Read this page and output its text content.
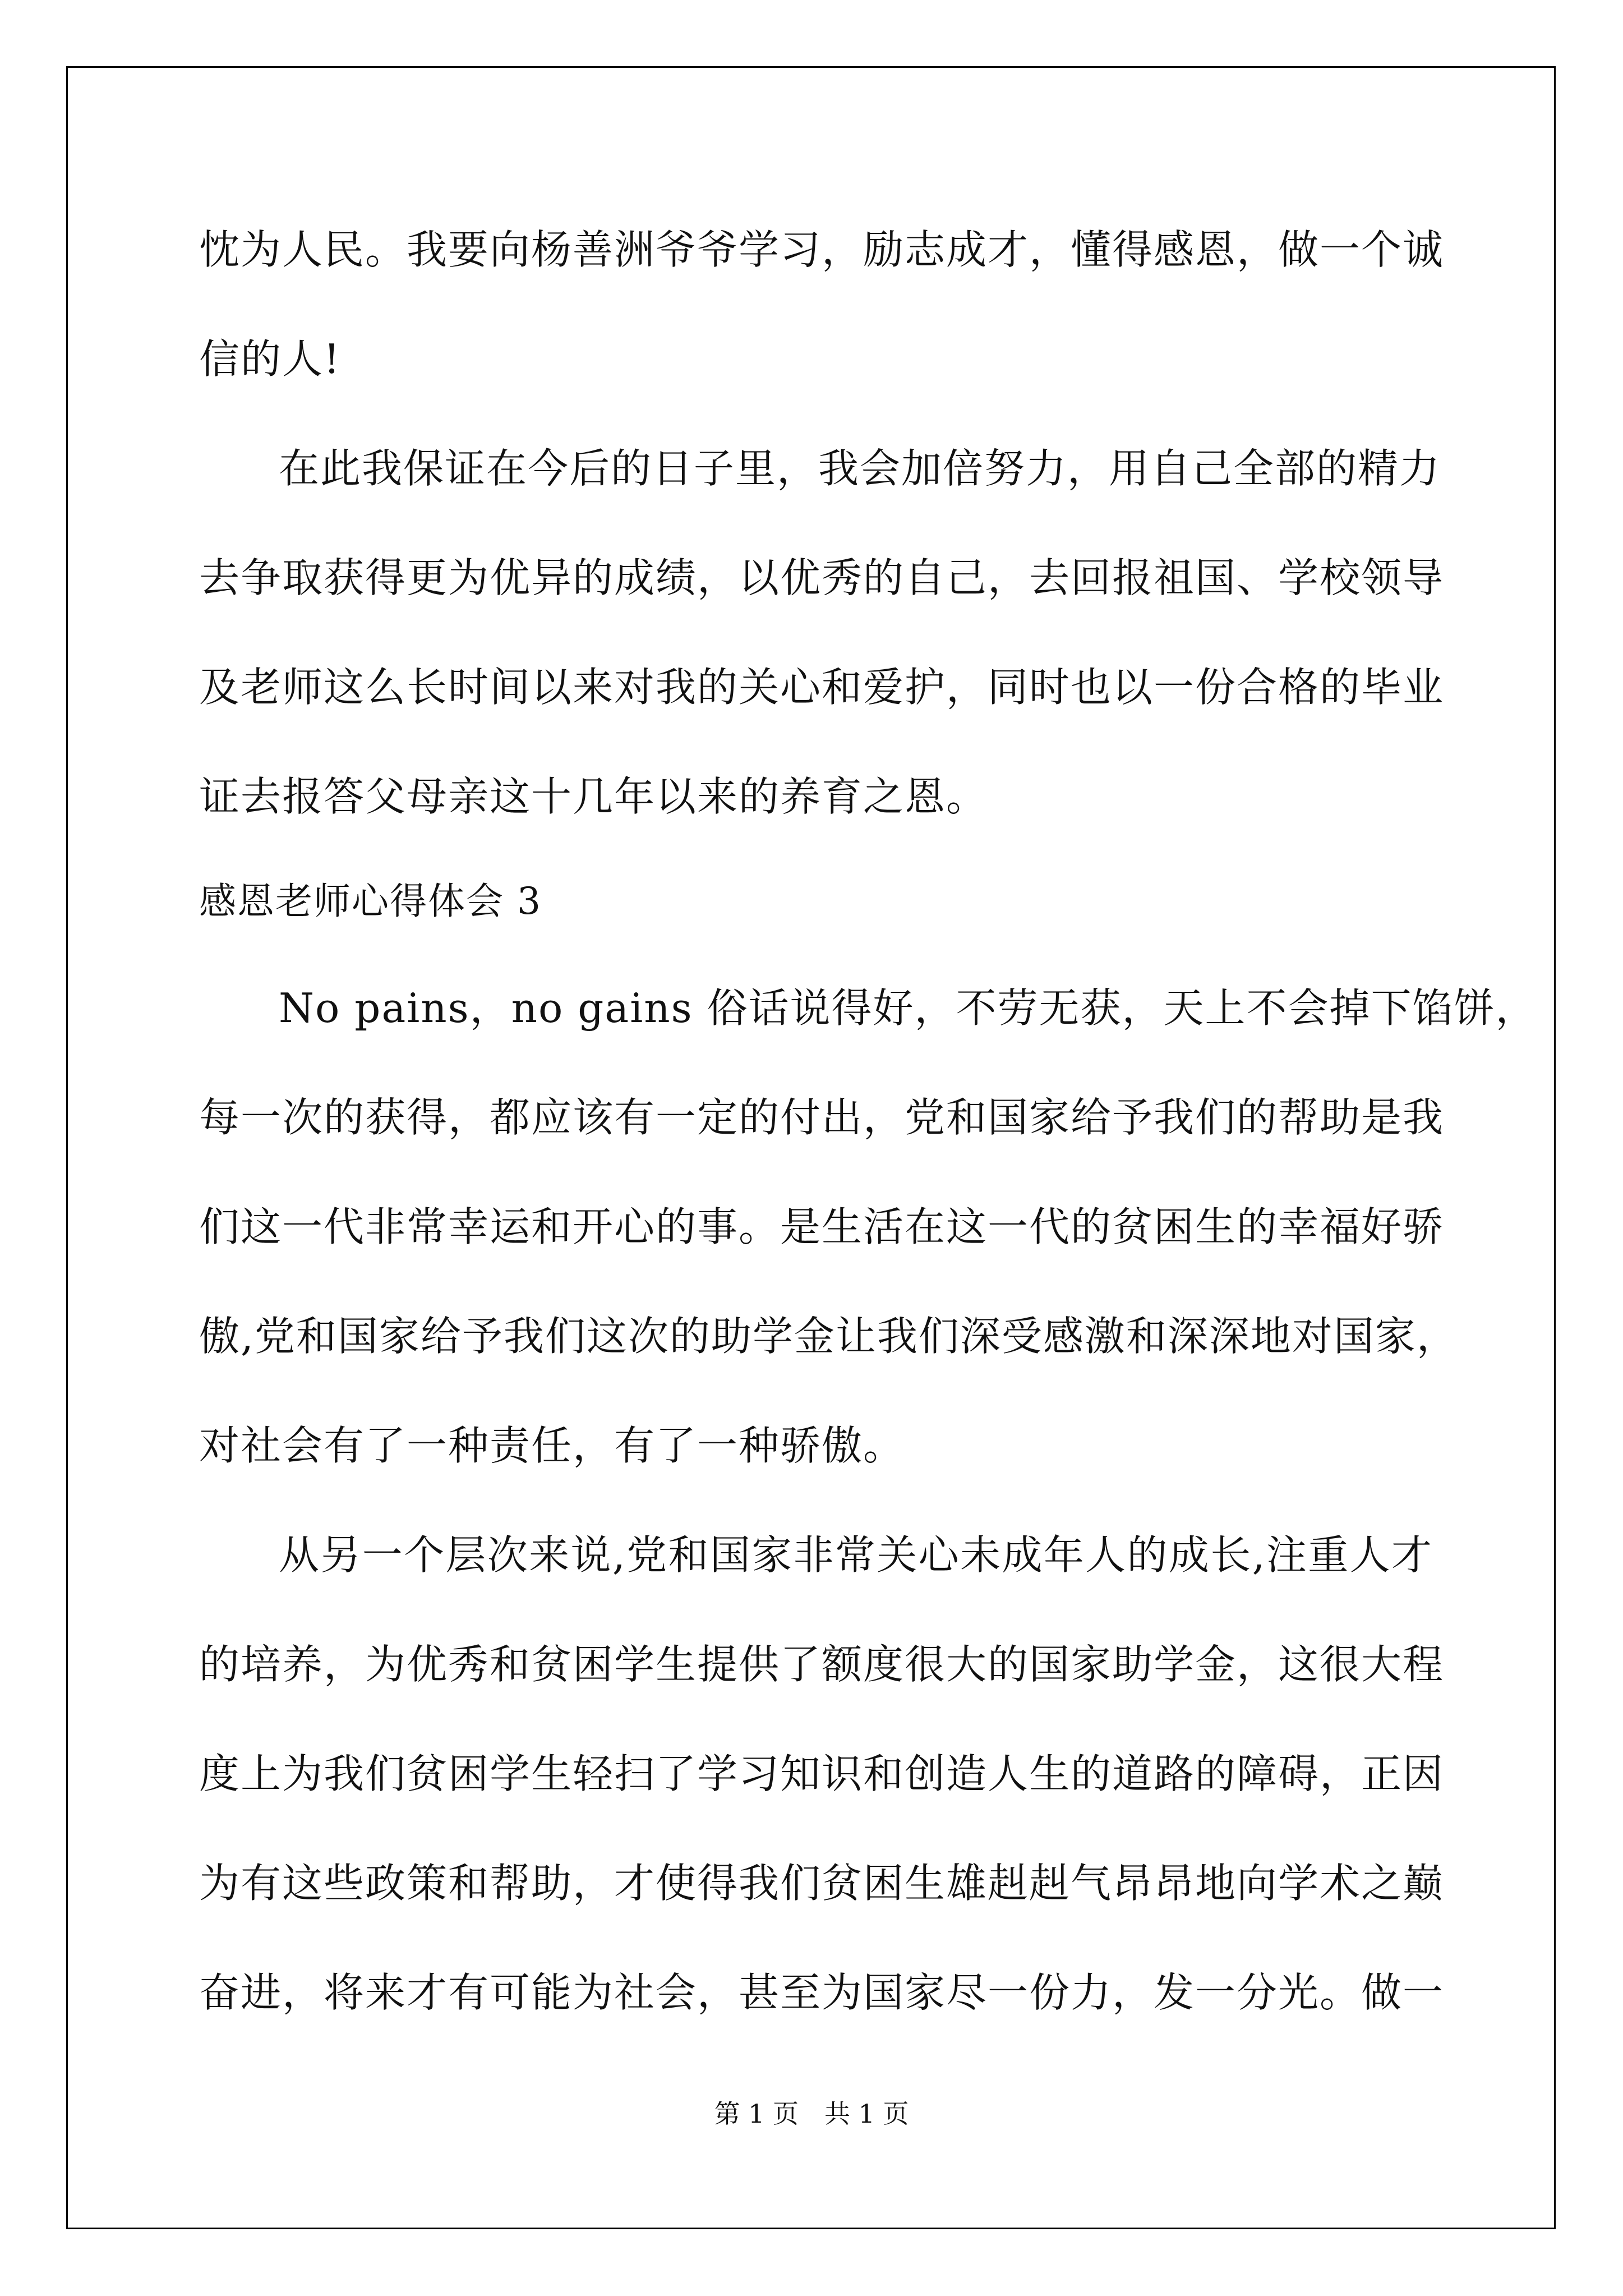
忱为人民。我要向杨善洲爷爷学习，励志成才，懂得感恩，做一个诚
信的人!
在此我保证在今后的日子里，我会加倍努力，用自己全部的精力
去争取获得更为优异的成绩，以优秀的自己，去回报祖国、学校领导
及老师这么长时间以来对我的关心和爱护，同时也以一份合格的毕业
证去报答父母亲这十几年以来的养育之恩。
感恩老师心得体会 3
No pains，no gains 俗话说得好，不劳无获，天上不会掉下馅饼，
每一次的获得，都应该有一定的付出，党和国家给予我们的帮助是我
们这一代非常幸运和开心的事。是生活在这一代的贫困生的幸福好骄
傲,党和国家给予我们这次的助学金让我们深受感激和深深地对国家，
对社会有了一种责任，有了一种骄傲。
从另一个层次来说,党和国家非常关心未成年人的成长,注重人才
的培养，为优秀和贫困学生提供了额度很大的国家助学金，这很大程
度上为我们贫困学生轻扫了学习知识和创造人生的道路的障碍，正因
为有这些政策和帮助，才使得我们贫困生雄赳赳气昂昂地向学术之巅
奋进，将来才有可能为社会，甚至为国家尽一份力，发一分光。做一
第 1 页　共 1 页
